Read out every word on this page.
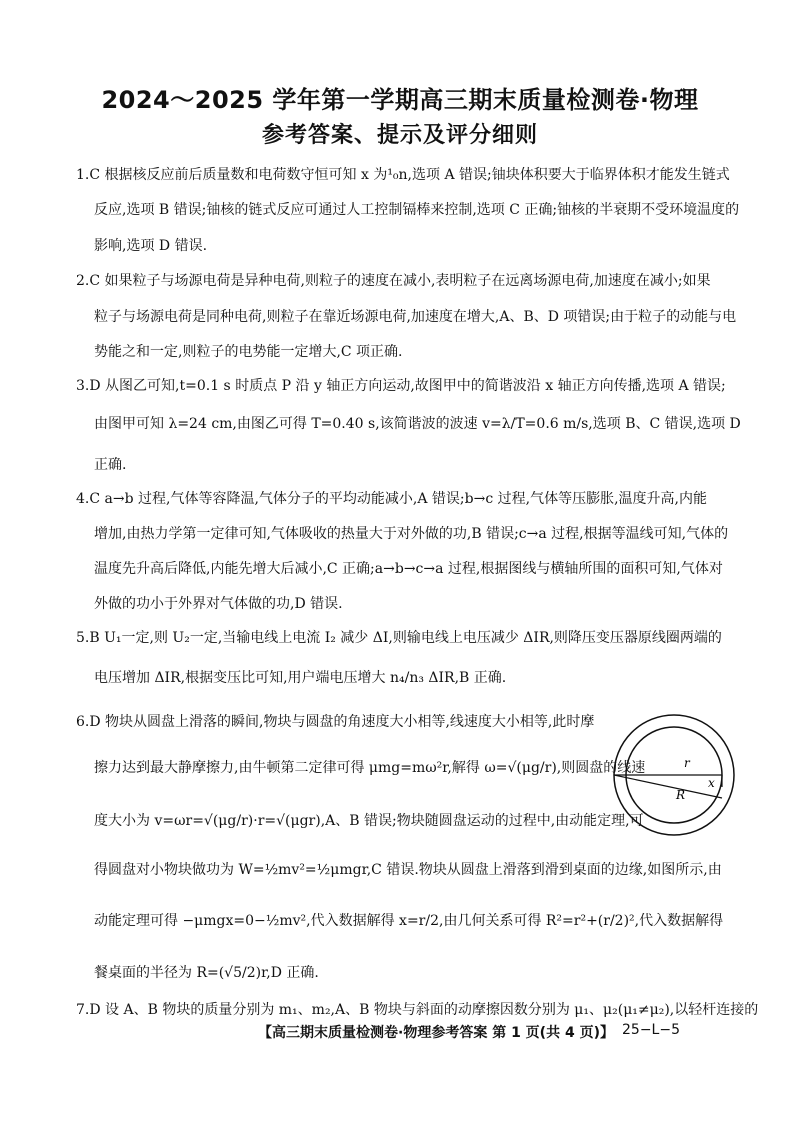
2024～2025 学年第一学期高三期末质量检测卷·物理
参考答案、提示及评分细则
1.C 根据核反应前后质量数和电荷数守恒可知 x 为¹₀n,选项 A 错误;铀块体积要大于临界体积才能发生链式
反应,选项 B 错误;铀核的链式反应可通过人工控制镉棒来控制,选项 C 正确;铀核的半衰期不受环境温度的
影响,选项 D 错误.
2.C 如果粒子与场源电荷是异种电荷,则粒子的速度在减小,表明粒子在远离场源电荷,加速度在减小;如果
粒子与场源电荷是同种电荷,则粒子在靠近场源电荷,加速度在增大,A、B、D 项错误;由于粒子的动能与电
势能之和一定,则粒子的电势能一定增大,C 项正确.
3.D 从图乙可知,t=0.1 s 时质点 P 沿 y 轴正方向运动,故图甲中的简谐波沿 x 轴正方向传播,选项 A 错误;
由图甲可知 λ=24 cm,由图乙可得 T=0.40 s,该简谐波的波速 v=λ/T=0.6 m/s,选项 B、C 错误,选项 D
正确.
4.C a→b 过程,气体等容降温,气体分子的平均动能减小,A 错误;b→c 过程,气体等压膨胀,温度升高,内能
增加,由热力学第一定律可知,气体吸收的热量大于对外做的功,B 错误;c→a 过程,根据等温线可知,气体的
温度先升高后降低,内能先增大后减小,C 正确;a→b→c→a 过程,根据图线与横轴所围的面积可知,气体对
外做的功小于外界对气体做的功,D 错误.
5.B U₁一定,则 U₂一定,当输电线上电流 I₂ 减少 ΔI,则输电线上电压减少 ΔIR,则降压变压器原线圈两端的
电压增加 ΔIR,根据变压比可知,用户端电压增大 n₄/n₃ ΔIR,B 正确.
6.D 物块从圆盘上滑落的瞬间,物块与圆盘的角速度大小相等,线速度大小相等,此时摩
擦力达到最大静摩擦力,由牛顿第二定律可得 μmg=mω²r,解得 ω=√(μg/r),则圆盘的线速
度大小为 v=ωr=√(μg/r)·r=√(μgr),A、B 错误;物块随圆盘运动的过程中,由动能定理,可
得圆盘对小物块做功为 W=½mv²=½μmgr,C 错误.物块从圆盘上滑落到滑到桌面的边缘,如图所示,由
动能定理可得 −μmgx=0−½mv²,代入数据解得 x=r/2,由几何关系可得 R²=r²+(r/2)²,代入数据解得
餐桌面的半径为 R=(√5/2)r,D 正确.
7.D 设 A、B 物块的质量分别为 m₁、m₂,A、B 物块与斜面的动摩擦因数分别为 μ₁、μ₂(μ₁≠μ₂),以轻杆连接的
r
R
x
【高三期末质量检测卷·物理参考答案 第 1 页(共 4 页)】 25−L−5
